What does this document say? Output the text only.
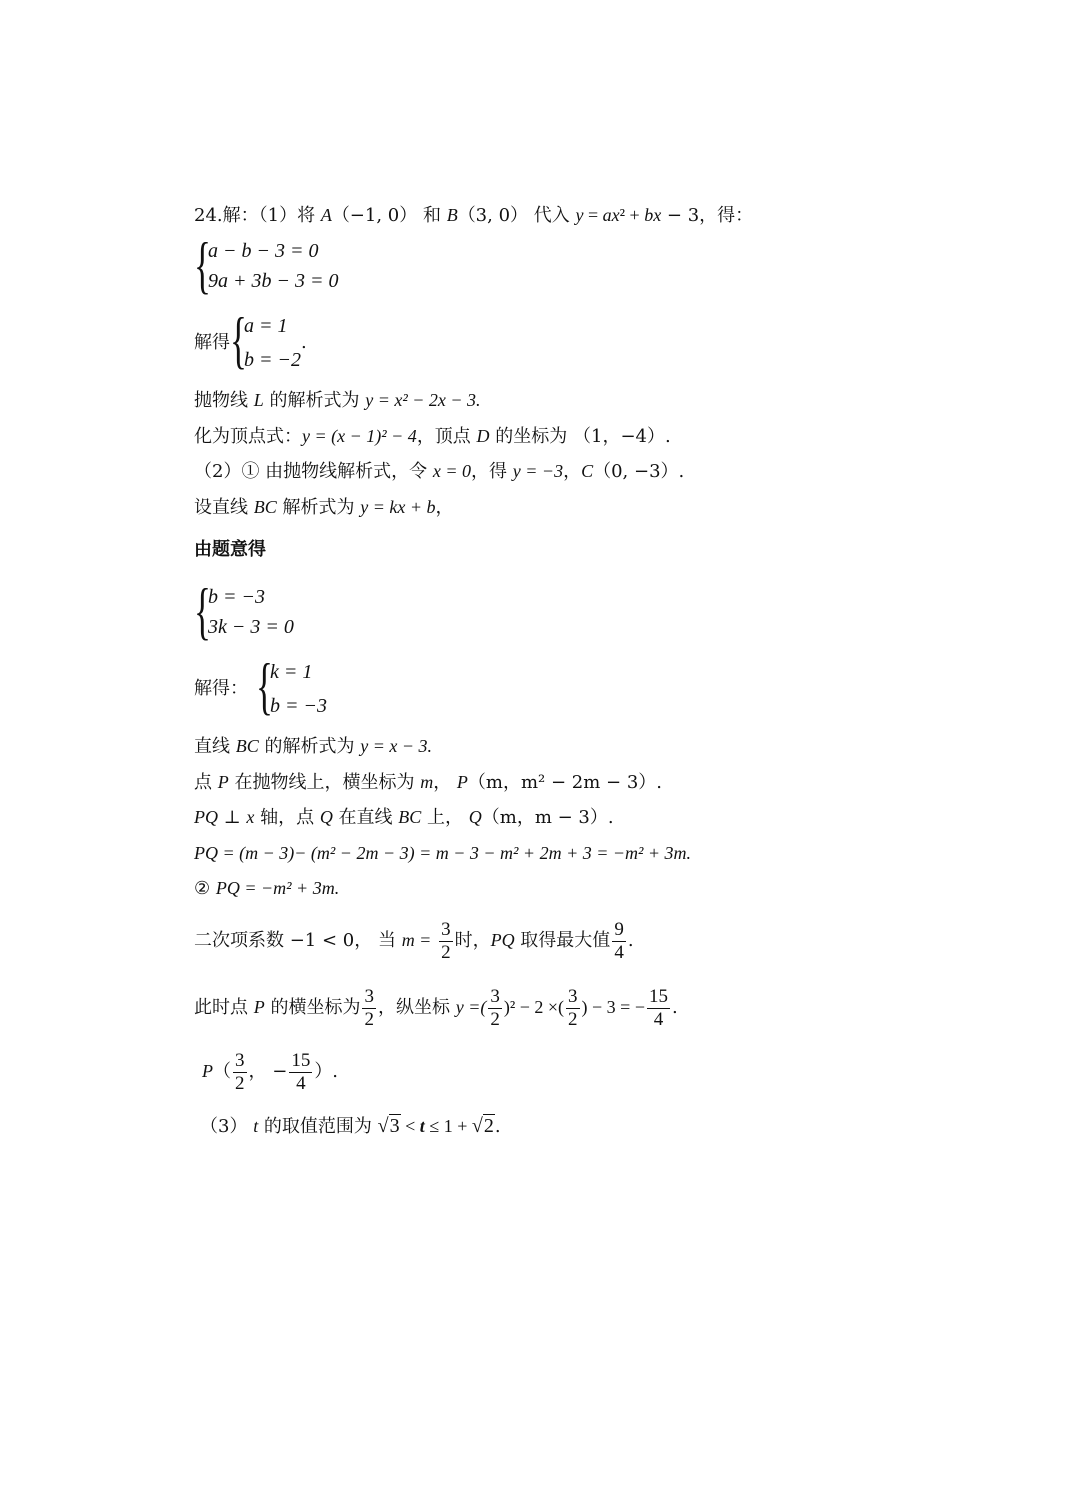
24.解：（1）将 A（−1, 0） 和 B（3, 0） 代入 y = ax² + bx − 3，得：
{
a − b − 3 = 0
9a + 3b − 3 = 0
解得 {
a = 1
b = −2
.
抛物线 L 的解析式为 y = x² − 2x − 3.
化为顶点式：y = (x − 1)² − 4，顶点 D 的坐标为 （1，−4）.
（2）① 由抛物线解析式，令 x = 0，得 y = −3，C（0, −3）.
设直线 BC 解析式为 y = kx + b，
由题意得
{
b = −3
3k − 3 = 0
解得： {
k = 1
b = −3
直线 BC 的解析式为 y = x − 3.
点 P 在抛物线上，横坐标为 m， P（m，m² − 2m − 3）.
PQ ⊥ x 轴，点 Q 在直线 BC 上， Q（m，m − 3）.
PQ = (m − 3)− (m² − 2m − 3) = m − 3 − m² + 2m + 3 = −m² + 3m.
② PQ = −m² + 3m.
二次项系数 −1 < 0， 当 $m = \frac{3}{2}$ 时，PQ 取得最大值 $\frac{9}{4}$ .
此时点 P 的横坐标为 $\frac{3}{2}$ ，纵坐标 y =( $\frac{3}{2} )^2 - 2$ ×( $\frac{3}{2}$ ) − 3 = − $\frac{15}{4}$ .
$P( \frac{3}{2}$ ， − $\frac{15}{4}$ ）.
（3） t 的取值范围为 √3 < t ≤ 1 + √2.
